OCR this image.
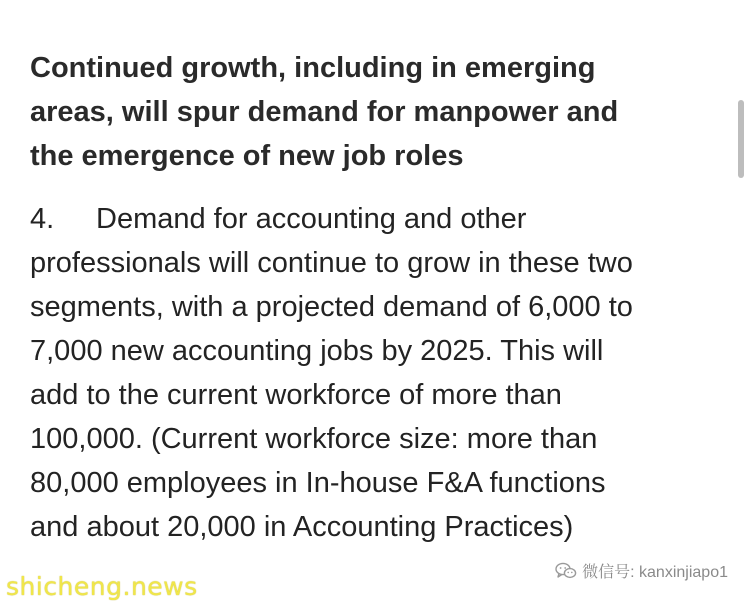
Continued growth, including in emerging
areas, will spur demand for manpower and
the emergence of new job roles
4. Demand for accounting and other
professionals will continue to grow in these two
segments, with a projected demand of 6,000 to
7,000 new accounting jobs by 2025. This will
add to the current workforce of more than
100,000. (Current workforce size: more than
80,000 employees in In-house F&A functions
and about 20,000 in Accounting Practices)
shicheng.news	微信号: kanxinjiapo1
